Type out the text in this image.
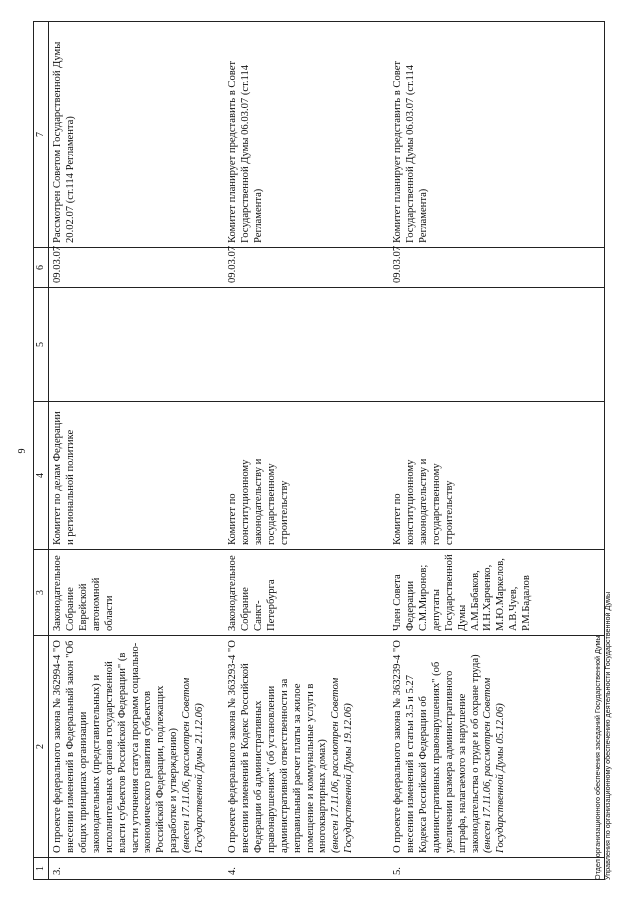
9
1	2	3	4	5	6	7
3.	О проекте федерального закона № 362994-4 "О внесении изменений в Федеральный закон "Об общих принципах организации законодательных (представительных) и исполнительных органов государственной власти субъектов Российской Федерации" (в части уточнения статуса программ социально-экономического развития субъектов Российской Федерации, подлежащих разработке и утверждению) (внесен 17.11.06, рассмотрен Советом Государственной Думы 21.12.06)	Законодательное Собрание Еврейской автономной области	Комитет по делам Федерации и региональной политике		09.03.07	Рассмотрен Советом Государственной Думы 20.02.07 (ст.114 Регламента)
4.	О проекте федерального закона № 363293-4 "О внесении изменений в Кодекс Российской Федерации об административных правонарушениях" (об установлении административной ответственности за неправильный расчет платы за жилое помещение и коммунальные услуги в многоквартирных домах) (внесен 17.11.06, рассмотрен Советом Государственной Думы 19.12.06)	Законодательное Собрание Санкт-Петербурга	Комитет по конституционному законодательству и государственному строительству		09.03.07	Комитет планирует представить в Совет Государственной Думы 06.03.07 (ст.114 Регламента)
5.	О проекте федерального закона № 363239-4 "О внесении изменений в статьи 3.5 и 5.27 Кодекса Российской Федерации об административных правонарушениях" (об увеличении размера административного штрафа, налагаемого за нарушение законодательства о труде и об охране труда) (внесен 17.11.06, рассмотрен Советом Государственной Думы 05.12.06)	Член Совета Федерации С.М.Миронов; депутаты Государственной Думы А.М.Бабаков, И.Н.Харченко, М.Ю.Маркелов, А.В.Чуев, Р.М.Бадалов	Комитет по конституционному законодательству и государственному строительству		09.03.07	Комитет планирует представить в Совет Государственной Думы 06.03.07 (ст.114 Регламента)
Отдел организационного обеспечения заседаний Государственной Думы Управления по организационному обеспечению деятельности Государственной Думы
